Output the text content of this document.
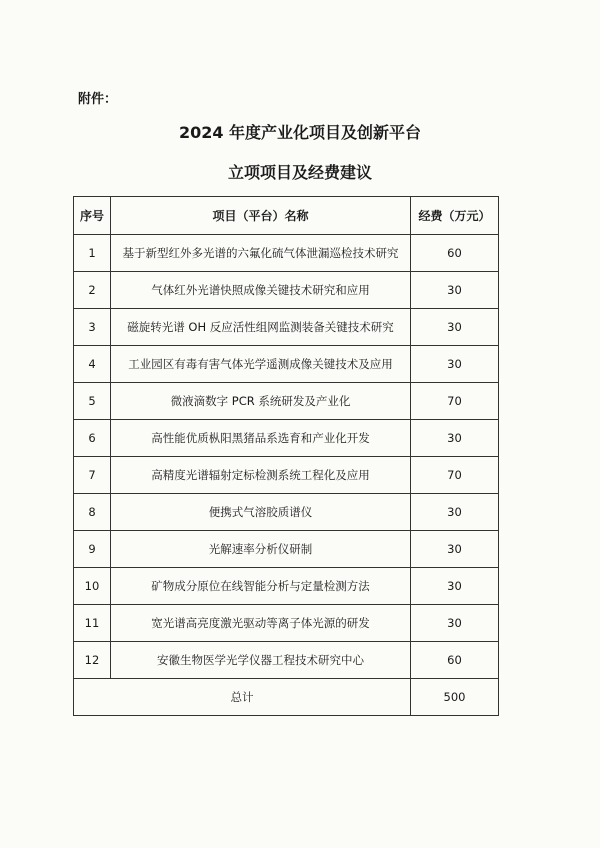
附件：
2024 年度产业化项目及创新平台
立项项目及经费建议
序号	项目（平台）名称	经费（万元）
1	基于新型红外多光谱的六氟化硫气体泄漏巡检技术研究	60
2	气体红外光谱快照成像关键技术研究和应用	30
3	磁旋转光谱 OH 反应活性组网监测装备关键技术研究	30
4	工业园区有毒有害气体光学遥测成像关键技术及应用	30
5	微液滴数字 PCR 系统研发及产业化	70
6	高性能优质枞阳黑猪品系选育和产业化开发	30
7	高精度光谱辐射定标检测系统工程化及应用	70
8	便携式气溶胶质谱仪	30
9	光解速率分析仪研制	30
10	矿物成分原位在线智能分析与定量检测方法	30
11	宽光谱高亮度激光驱动等离子体光源的研发	30
12	安徽生物医学光学仪器工程技术研究中心	60
总计		500
